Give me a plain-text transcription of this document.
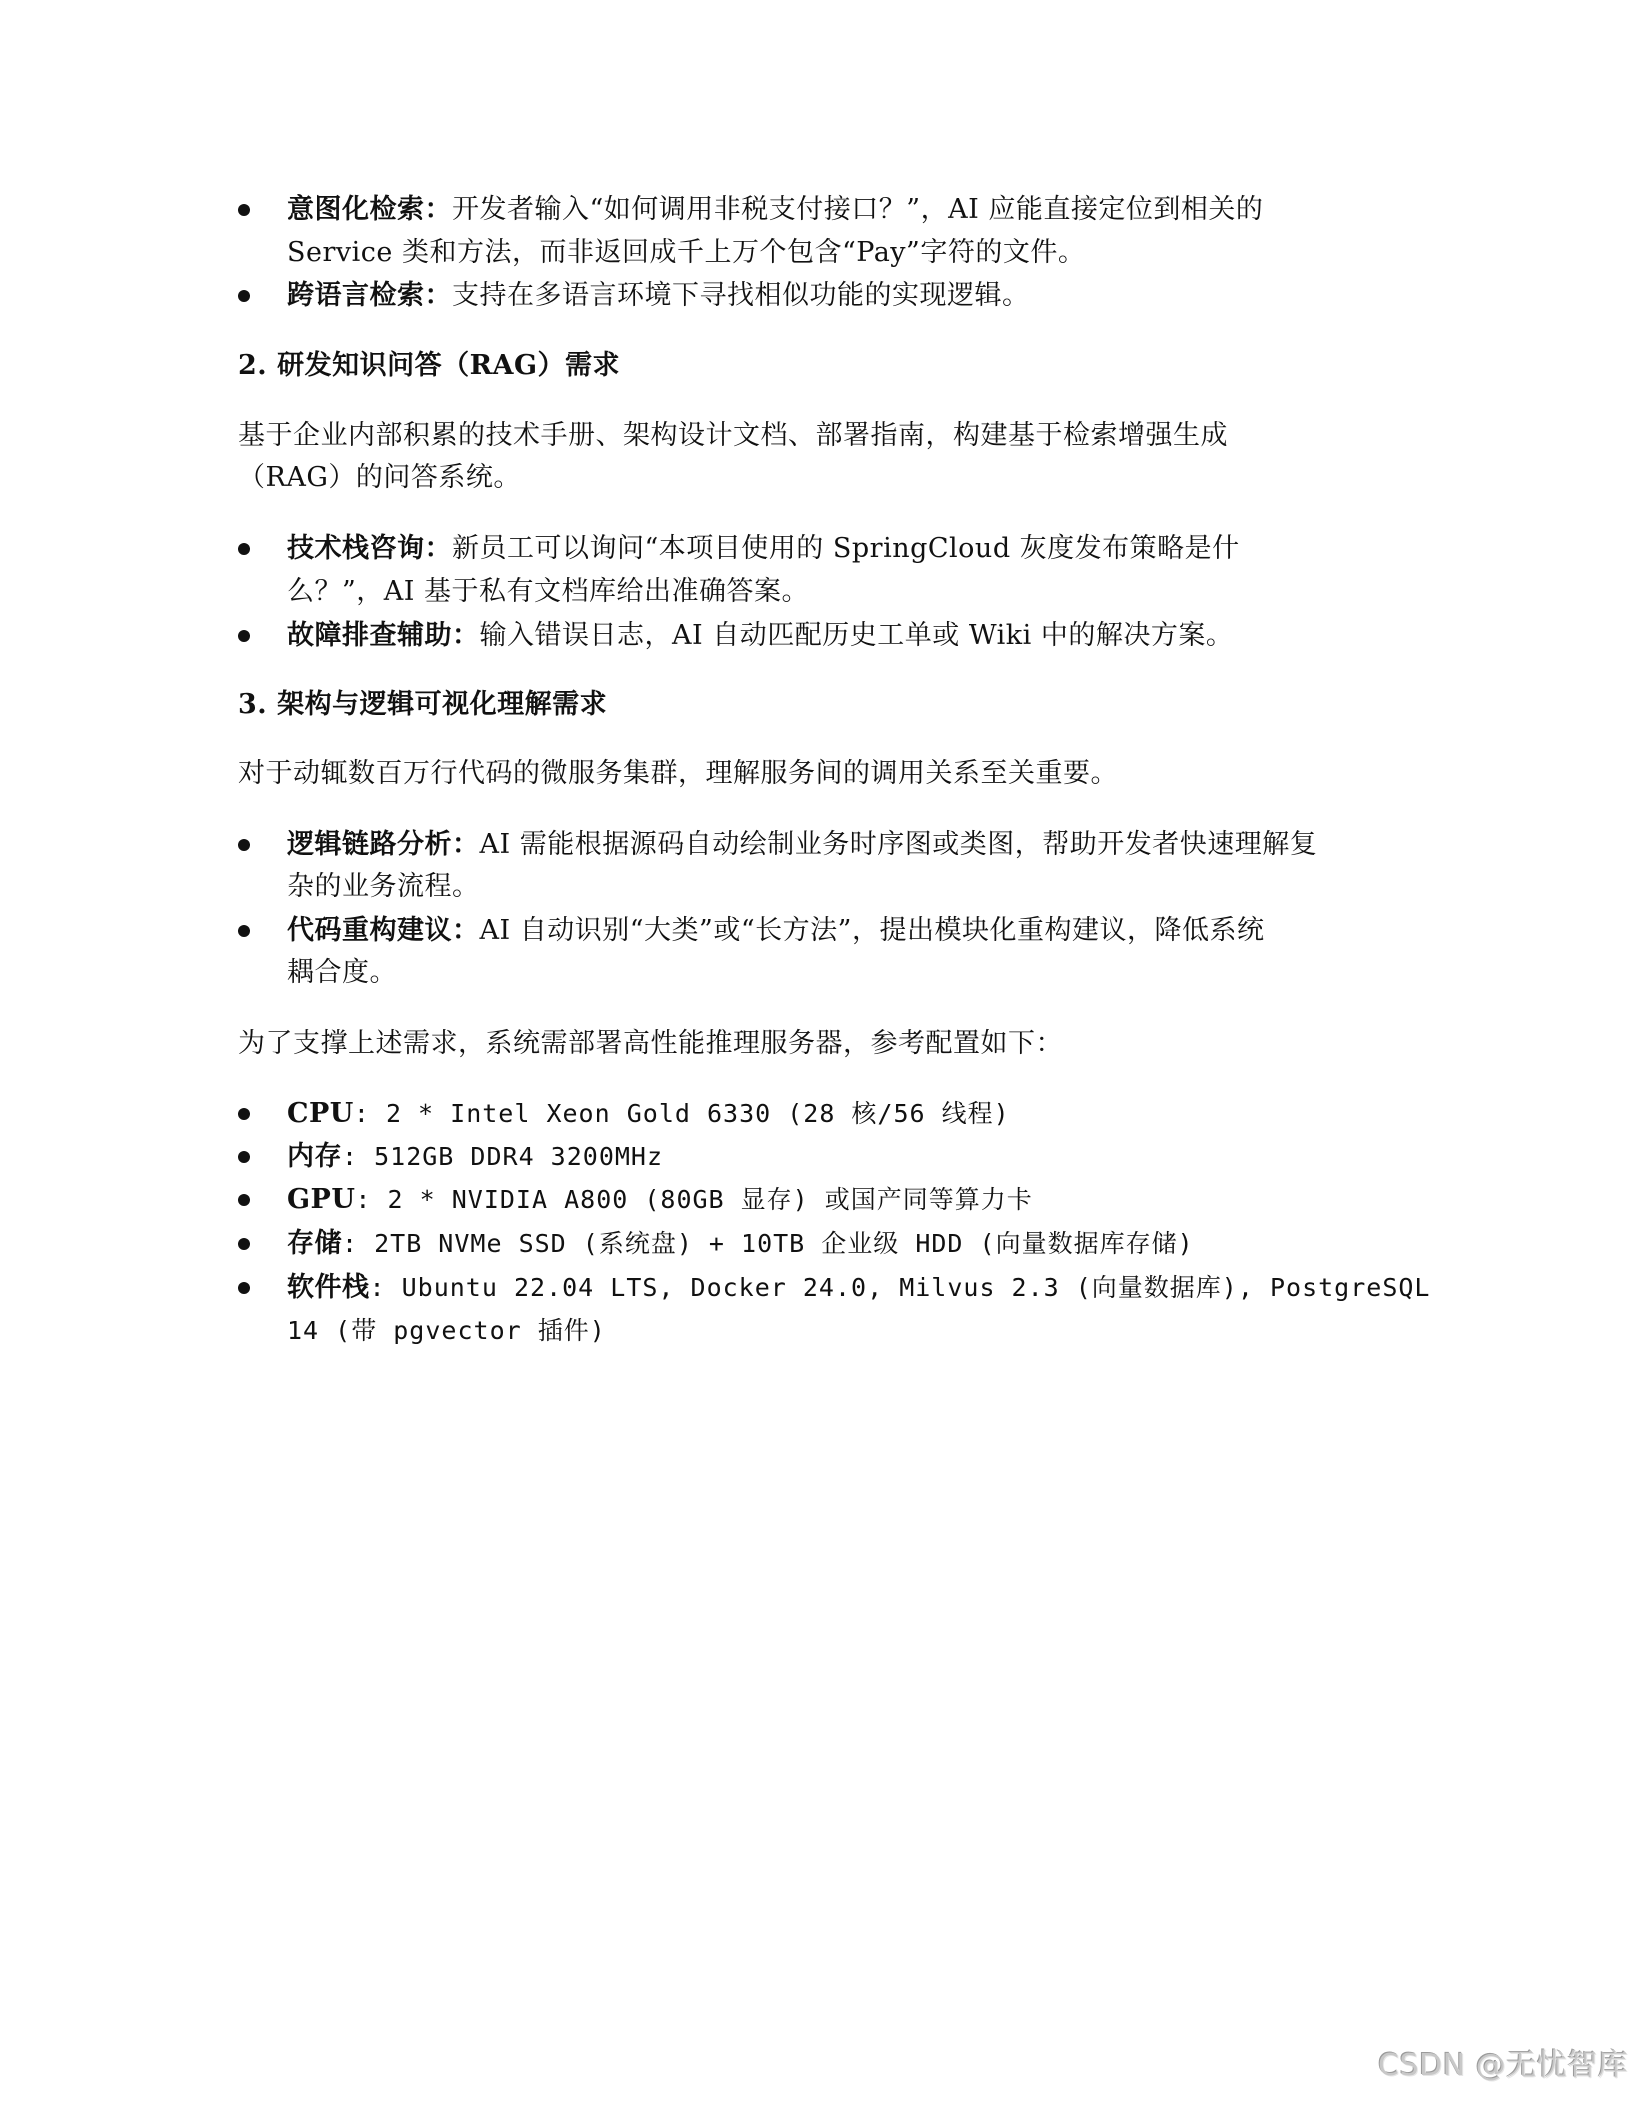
意图化检索：开发者输入“如何调用非税支付接口？”，AI 应能直接定位到相关的
Service 类和方法，而非返回成千上万个包含“Pay”字符的文件。
跨语言检索：支持在多语言环境下寻找相似功能的实现逻辑。
2. 研发知识问答（RAG）需求
基于企业内部积累的技术手册、架构设计文档、部署指南，构建基于检索增强生成
（RAG）的问答系统。
技术栈咨询：新员工可以询问“本项目使用的 SpringCloud 灰度发布策略是什
么？”，AI 基于私有文档库给出准确答案。
故障排查辅助：输入错误日志，AI 自动匹配历史工单或 Wiki 中的解决方案。
3. 架构与逻辑可视化理解需求
对于动辄数百万行代码的微服务集群，理解服务间的调用关系至关重要。
逻辑链路分析：AI 需能根据源码自动绘制业务时序图或类图，帮助开发者快速理解复
杂的业务流程。
代码重构建议：AI 自动识别“大类”或“长方法”，提出模块化重构建议，降低系统
耦合度。
为了支撑上述需求，系统需部署高性能推理服务器，参考配置如下：
CPU: 2 * Intel Xeon Gold 6330 (28 核/56 线程)
内存: 512GB DDR4 3200MHz
GPU: 2 * NVIDIA A800 (80GB 显存) 或国产同等算力卡
存储: 2TB NVMe SSD (系统盘) + 10TB 企业级 HDD (向量数据库存储)
软件栈: Ubuntu 22.04 LTS, Docker 24.0, Milvus 2.3 (向量数据库), PostgreSQL
14 (带 pgvector 插件)
CSDN @无忧智库
